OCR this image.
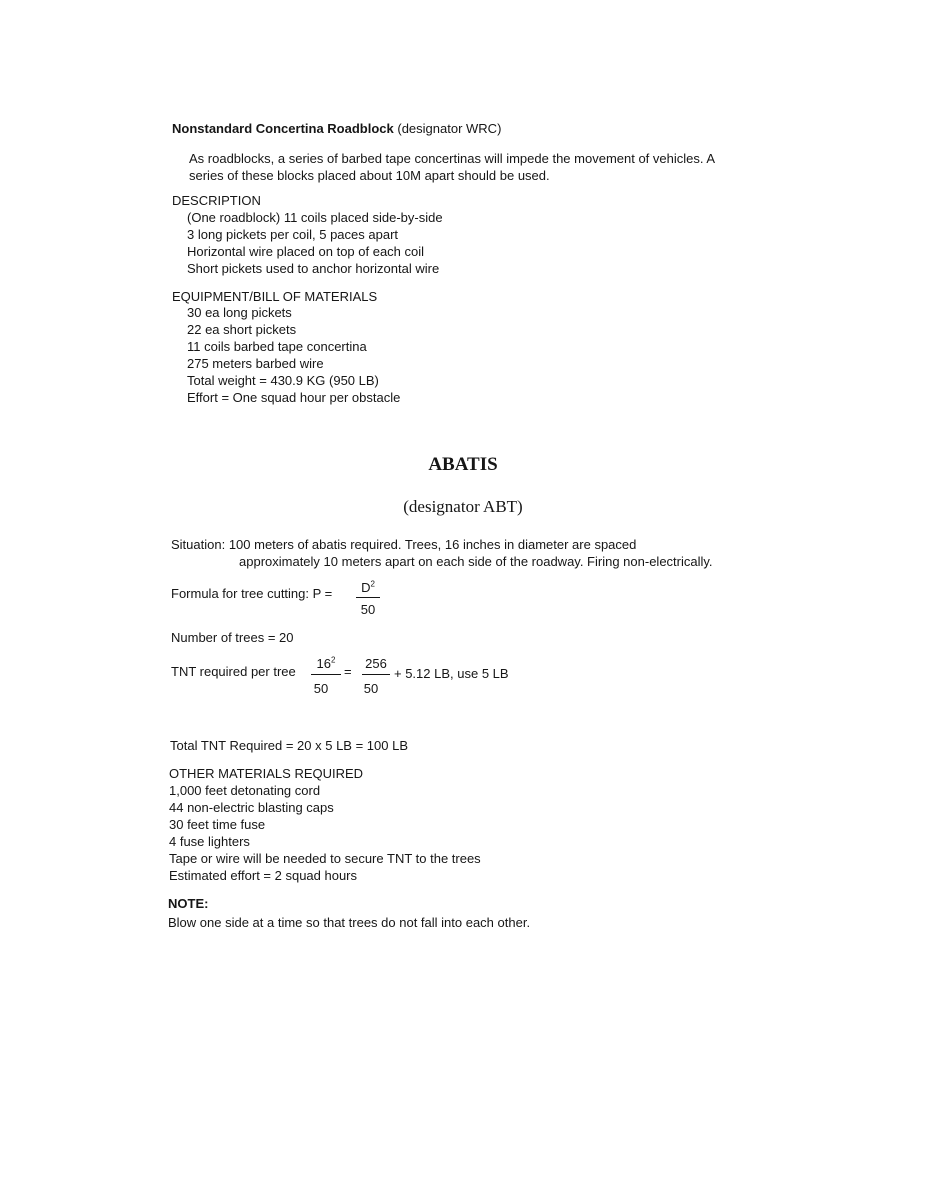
Nonstandard Concertina Roadblock (designator WRC)
As roadblocks, a series of barbed tape concertinas will impede the movement of vehicles. A
series of these blocks placed about 10M apart should be used.
DESCRIPTION
(One roadblock) 11 coils placed side-by-side
3 long pickets per coil, 5 paces apart
Horizontal wire placed on top of each coil
Short pickets used to anchor horizontal wire
EQUIPMENT/BILL OF MATERIALS
30 ea long pickets
22 ea short pickets
11 coils barbed tape concertina
275 meters barbed wire
Total weight = 430.9 KG (950 LB)
Effort = One squad hour per obstacle
ABATIS
(designator ABT)
Situation: 100 meters of abatis required. Trees, 16 inches in diameter are spaced
approximately 10 meters apart on each side of the roadway. Firing non-electrically.
Formula for tree cutting: P =	$D^2$
50
Number of trees = 20
TNT required per tree
$16^2$
50
=
256
50
+ 5.12 LB, use 5 LB
Total TNT Required = 20 x 5 LB = 100 LB
OTHER MATERIALS REQUIRED
1,000 feet detonating cord
44 non-electric blasting caps
30 feet time fuse
4 fuse lighters
Tape or wire will be needed to secure TNT to the trees
Estimated effort = 2 squad hours
NOTE:
Blow one side at a time so that trees do not fall into each other.
